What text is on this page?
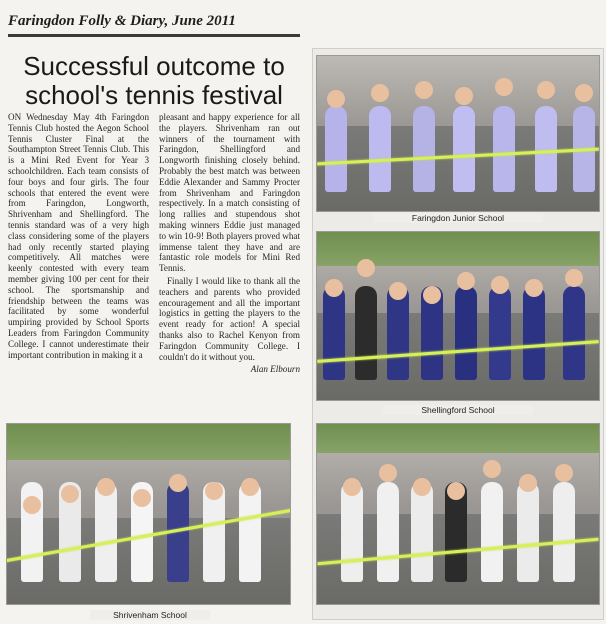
Faringdon Folly & Diary, June 2011
Successful outcome to school's tennis festival

ON Wednesday May 4th Faringdon Tennis Club hosted the Aegon School Tennis Cluster Final at the Southampton Street Tennis Club. This is a Mini Red Event for Year 3 schoolchildren. Each team consists of four boys and four girls. The four schools that entered the event were from Faringdon, Longworth, Shrivenham and Shellingford. The tennis standard was of a very high class considering some of the players had only recently started playing competitively. All matches were keenly contested with every team member giving 100 per cent for their school. The sportsmanship and friendship between the teams was facilitated by some wonderful umpiring provided by School Sports Leaders from Faringdon Community College. I cannot underestimate their important contribution in making it a

pleasant and happy experience for all the players. Shrivenham ran out winners of the tournament with Faringdon, Shellingford and Longworth finishing closely behind. Probably the best match was between Eddie Alexander and Sammy Procter from Shrivenham and Faringdon respectively. In a match consisting of long rallies and stupendous shot making winners Eddie just managed to win 10-9! Both players proved what immense talent they have and are fantastic role models for Mini Red Tennis.

Finally I would like to thank all the teachers and parents who provided encouragement and all the important logistics in getting the players to the event ready for action! A special thanks also to Rachel Kenyon from Faringdon Community College. I couldn't do it without you.

Alan Elbourn
Shrivenham School
Faringdon Junior School
Shellingford School
